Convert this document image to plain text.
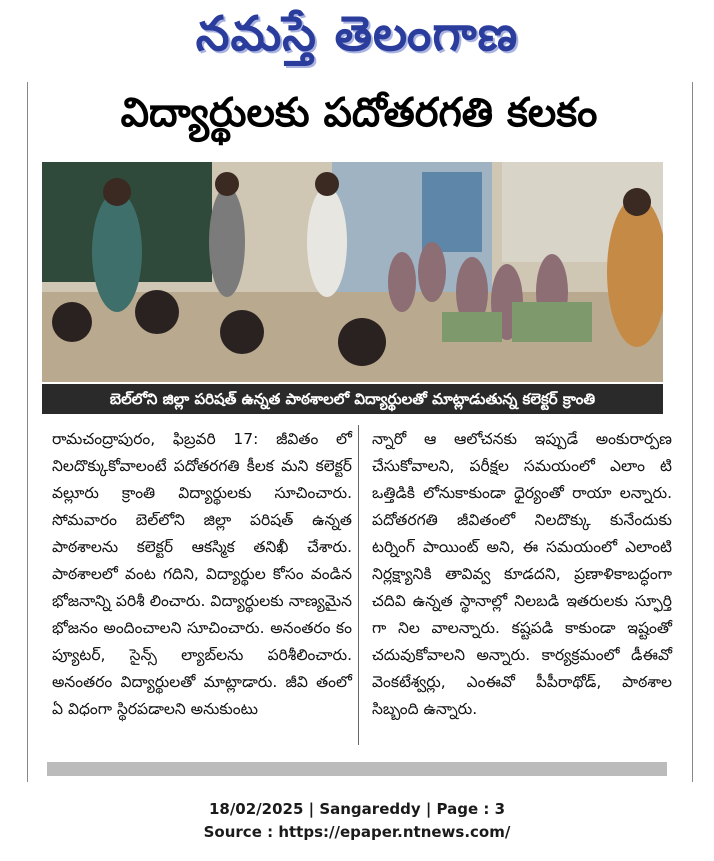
నమస్తే తెలంగాణ
విద్యార్థులకు పదోతరగతి కలకం
బెల్‌లోని జిల్లా పరిషత్ ఉన్నత పాఠశాలలో విద్యార్థులతో మాట్లాడుతున్న కలెక్టర్ క్రాంతి
రామచంద్రాపురం, ఫిబ్రవరి 17: జీవితం లో నిలదొక్కుకోవాలంటే పదోతరగతి కీలక మని కలెక్టర్ వల్లూరు క్రాంతి విద్యార్థులకు సూచించారు. సోమవారం బెల్‌లోని జిల్లా పరిషత్ ఉన్నత పాఠశాలను కలెక్టర్ ఆకస్మిక తనిఖీ చేశారు. పాఠశాలలో వంట గదిని, విద్యార్థుల కోసం వండిన భోజనాన్ని పరిశీ లించారు. విద్యార్థులకు నాణ్యమైన భోజనం అందించాలని సూచించారు. అనంతరం కం ప్యూటర్, సైన్స్ ల్యాబ్‌లను పరిశీలించారు. అనంతరం విద్యార్థులతో మాట్లాడారు. జీవి తంలో ఏ విధంగా స్థిరపడాలని అనుకుంటు
న్నారో ఆ ఆలోచనకు ఇప్పుడే అంకురార్పణ చేసుకోవాలని, పరీక్షల సమయంలో ఎలాం టి ఒత్తిడికి లోనుకాకుండా ధైర్యంతో రాయా లన్నారు. పదోతరగతి జీవితంలో నిలదొక్కు కునేందుకు టర్నింగ్ పాయింట్ అని, ఈ సమయంలో ఎలాంటి నిర్లక్ష్యానికి తావివ్వ కూడదని, ప్రణాళికాబద్ధంగా చదివి ఉన్నత స్థానాల్లో నిలబడి ఇతరులకు స్ఫూర్తి గా నిల వాలన్నారు. కష్టపడి కాకుండా ఇష్టంతో చదువుకోవాలని అన్నారు. కార్యక్రమంలో డీఈవో వెంకటేశ్వర్లు, ఎంఈవో పీపీరాథోడ్, పాఠశాల సిబ్బంది ఉన్నారు.
18/02/2025 | Sangareddy | Page : 3
Source : https://epaper.ntnews.com/
